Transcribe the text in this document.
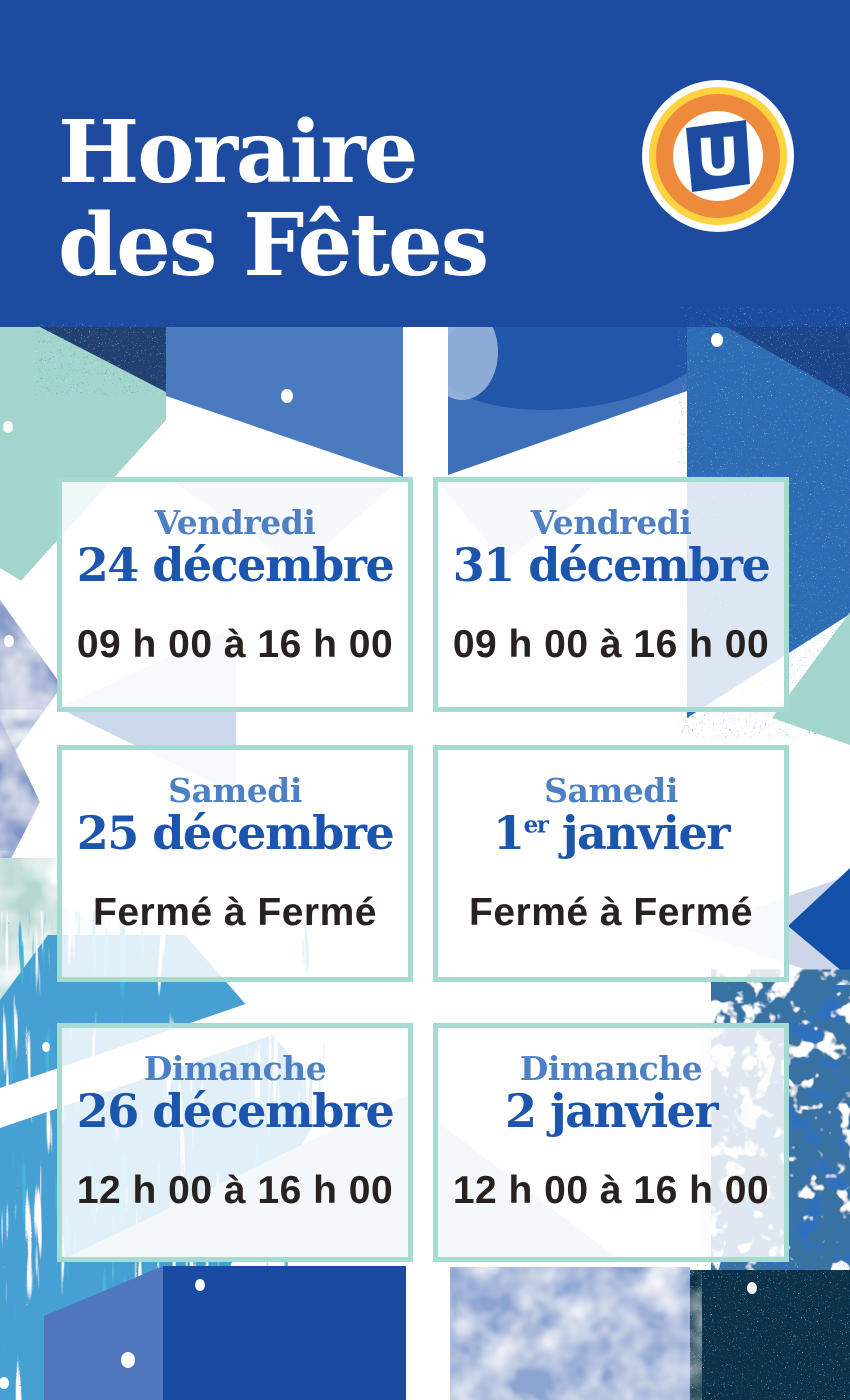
Horaire
des Fêtes
U
Vendredi
24 décembre
09 h 00 à 16 h 00
Vendredi
31 décembre
09 h 00 à 16 h 00
Samedi
25 décembre
Fermé à Fermé
Samedi
1er janvier
Fermé à Fermé
Dimanche
26 décembre
12 h 00 à 16 h 00
Dimanche
2 janvier
12 h 00 à 16 h 00
